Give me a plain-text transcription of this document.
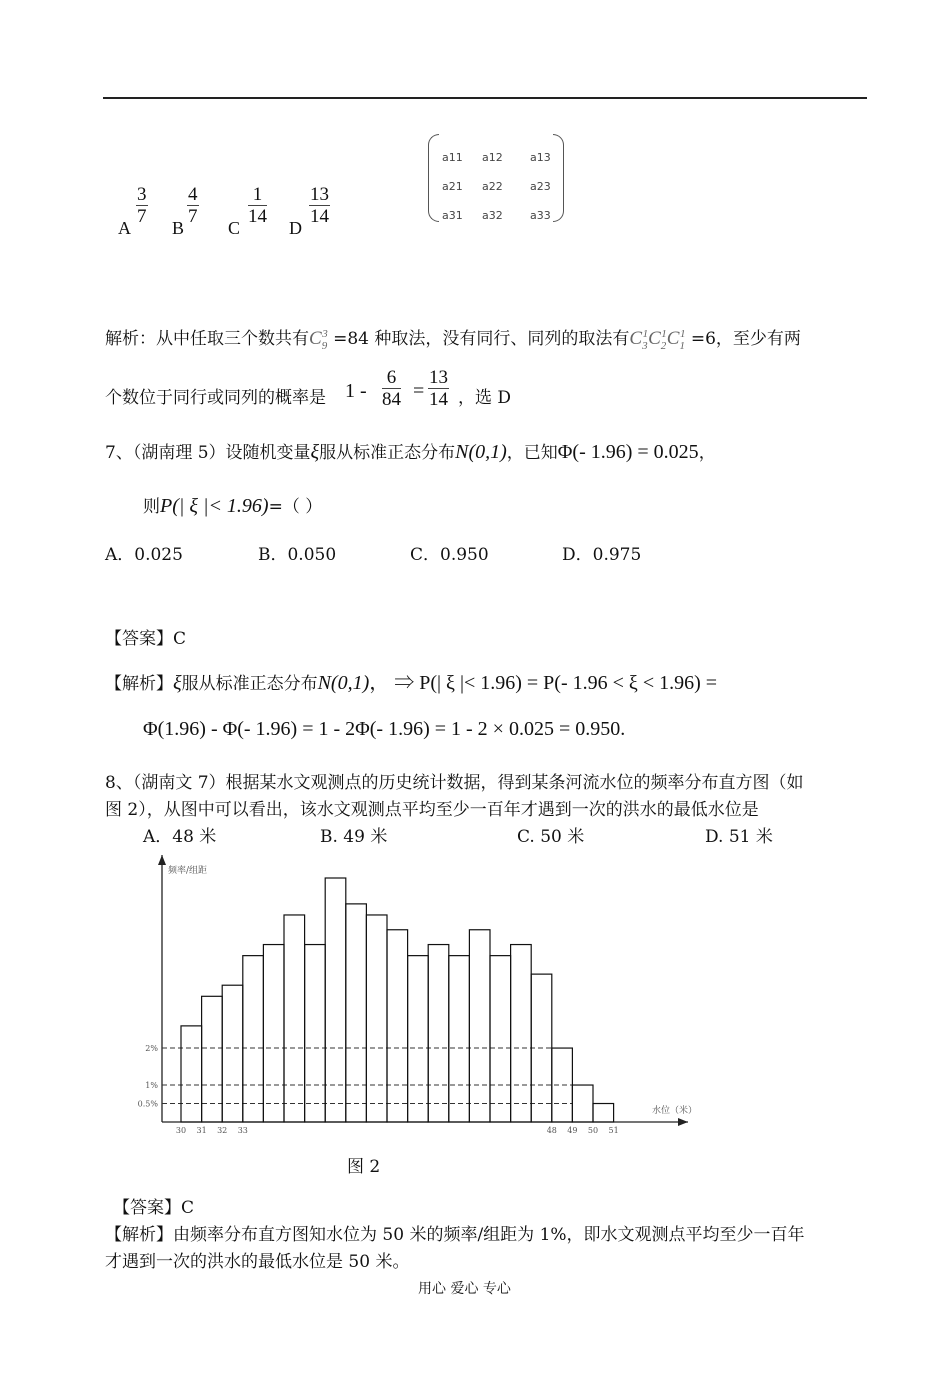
A $\frac{3}{7}$ B $\frac{4}{7}$ C $\frac{1}{14}$ D $\frac{13}{14}$
a11 a12 a13
a21 a22 a23
a31 a32 a33
解析：从中任取三个数共有$C_9^3 =84$ 种取法，没有同行、同列的取法有$C_3^1C_2^1C_1^1 =6$，至少有两
个数位于同行或同列的概率是 $1 - \frac{6}{84} = \frac{13}{14}$ ，选 D
7、（湖南理 5）设随机变量ξ服从标准正态分布N(0,1)，已知Φ(- 1.96) = 0.025，
则P(| ξ |< 1.96)=（ ）
A．0.025	B．0.050	C．0.950	D．0.975
【答案】C
【解析】ξ服从标准正态分布N(0,1)， ⇒ P(| ξ |< 1.96) = P(- 1.96 < ξ < 1.96) =
Φ(1.96) - Φ(- 1.96) = 1 - 2Φ(- 1.96) = 1 - 2 × 0.025 = 0.950.
8、（湖南文 7）根据某水文观测点的历史统计数据，得到某条河流水位的频率分布直方图（如
图 2），从图中可以看出，该水文观测点平均至少一百年才遇到一次的洪水的最低水位是
A．48 米	B. 49 米	C. 50 米	D. 51 米
频率/组距
水位（米）
2%
1%
0.5%
30 31 32 33	48 49 50 51
图 2
【答案】C
【解析】由频率分布直方图知水位为 50 米的频率/组距为 1%，即水文观测点平均至少一百年
才遇到一次的洪水的最低水位是 50 米。
用心 爱心 专心
